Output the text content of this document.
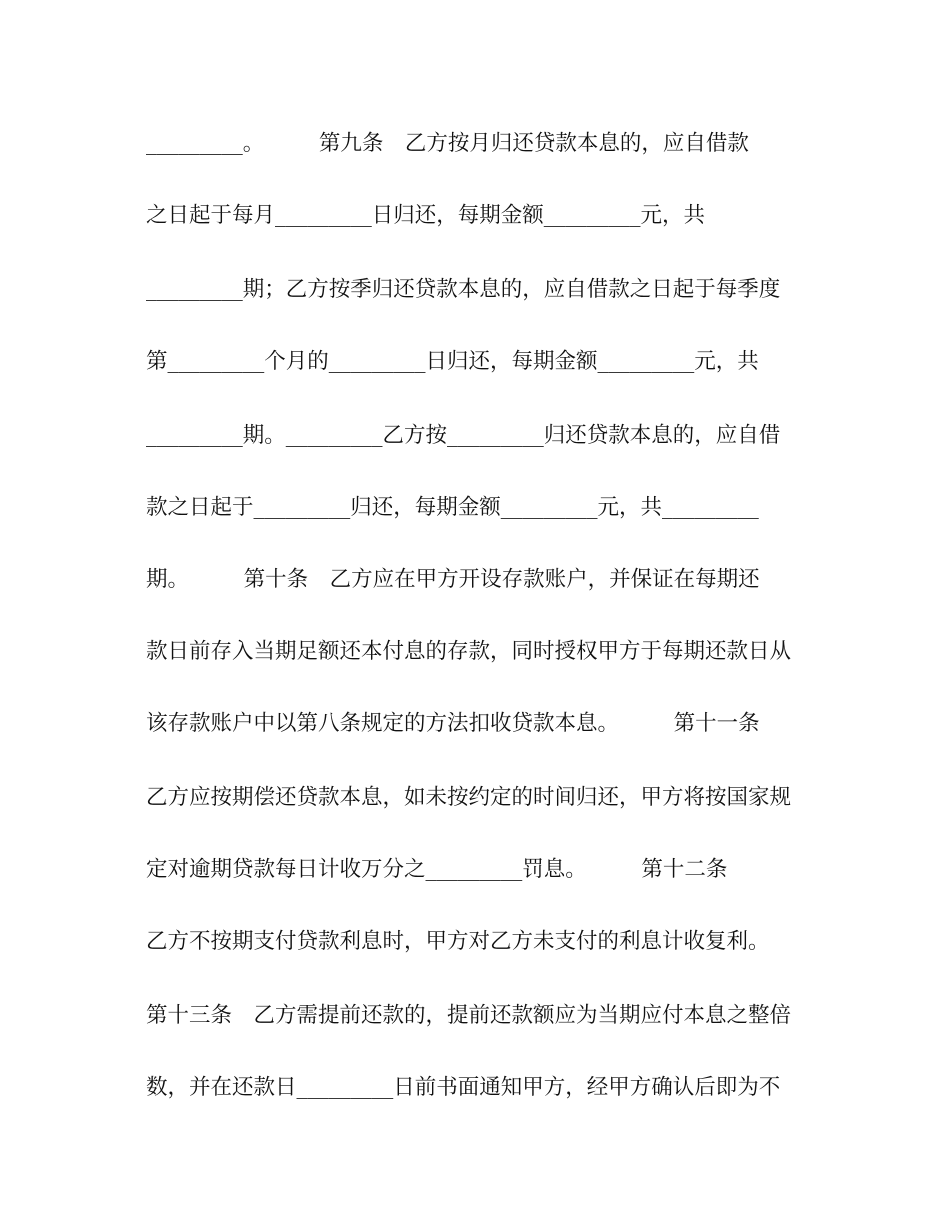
_________。        第九条　乙方按月归还贷款本息的，应自借款
之日起于每月_________日归还，每期金额_________元，共
_________期；乙方按季归还贷款本息的，应自借款之日起于每季度
第_________个月的_________日归还，每期金额_________元，共
_________期。_________乙方按_________归还贷款本息的，应自借
款之日起于_________归还，每期金额_________元，共_________
期。        第十条　乙方应在甲方开设存款账户，并保证在每期还
款日前存入当期足额还本付息的存款，同时授权甲方于每期还款日从
该存款账户中以第八条规定的方法扣收贷款本息。        第十一条
乙方应按期偿还贷款本息，如未按约定的时间归还，甲方将按国家规
定对逾期贷款每日计收万分之_________罚息。        第十二条
乙方不按期支付贷款利息时，甲方对乙方未支付的利息计收复利。
第十三条　乙方需提前还款的，提前还款额应为当期应付本息之整倍
数，并在还款日_________日前书面通知甲方，经甲方确认后即为不
